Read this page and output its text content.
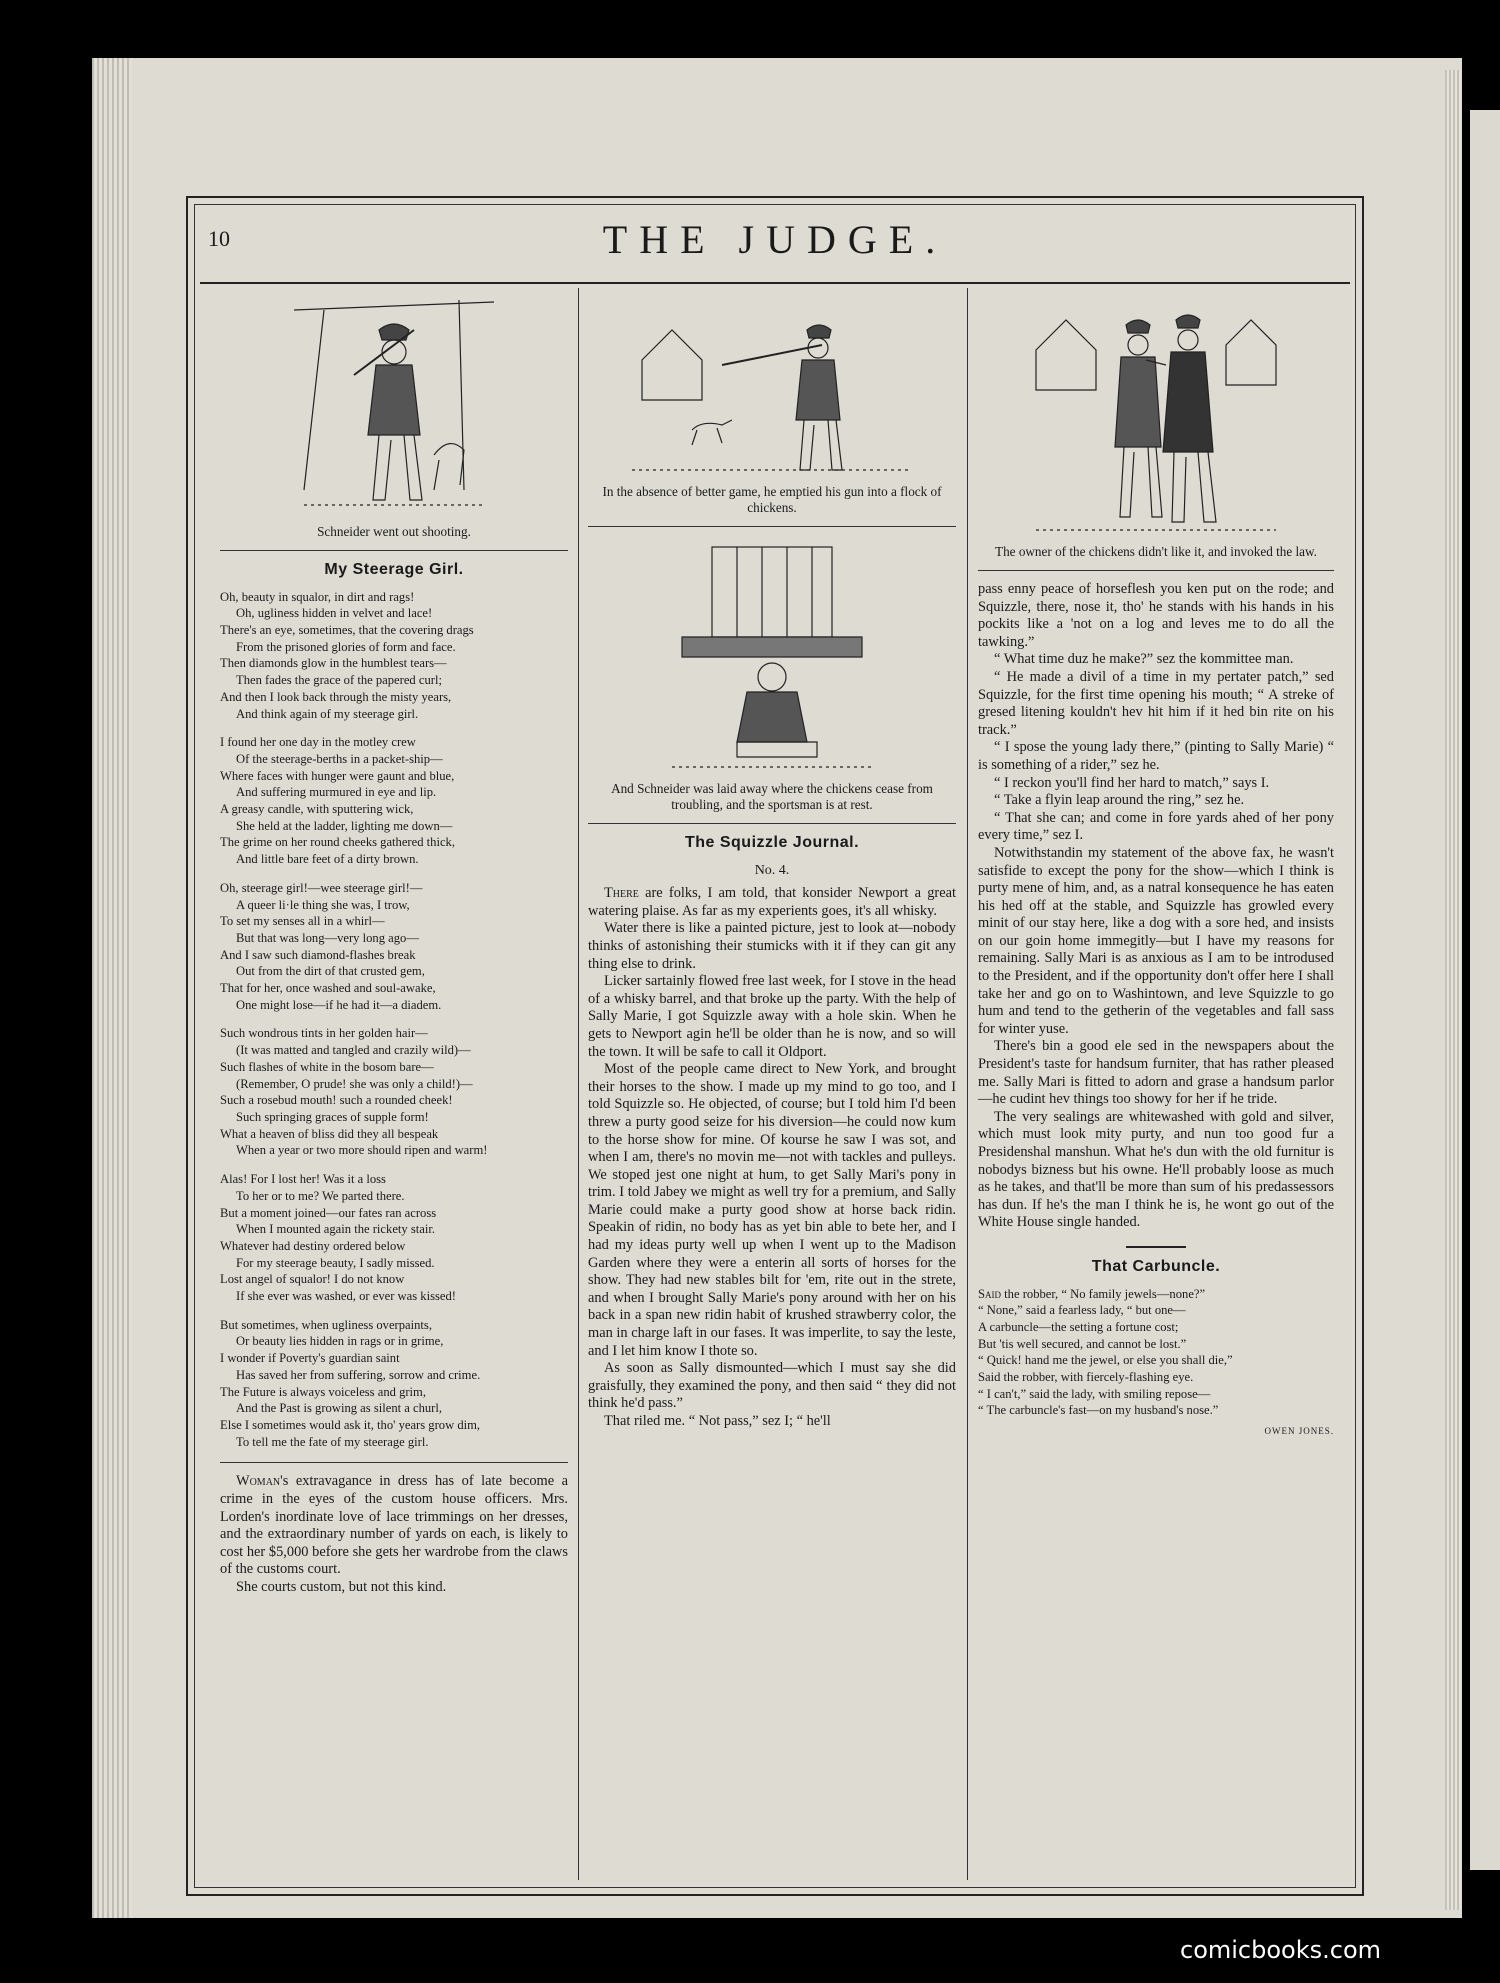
10	THE JUDGE.
Schneider went out shooting.
My Steerage Girl.

Oh, beauty in squalor, in dirt and rags!

Oh, ugliness hidden in velvet and lace!

There's an eye, sometimes, that the covering drags

From the prisoned glories of form and face.

Then diamonds glow in the humblest tears—

Then fades the grace of the papered curl;

And then I look back through the misty years,

And think again of my steerage girl.

I found her one day in the motley crew

Of the steerage-berths in a packet-ship—

Where faces with hunger were gaunt and blue,

And suffering murmured in eye and lip.

A greasy candle, with sputtering wick,

She held at the ladder, lighting me down—

The grime on her round cheeks gathered thick,

And little bare feet of a dirty brown.

Oh, steerage girl!—wee steerage girl!—

A queer li·le thing she was, I trow,

To set my senses all in a whirl—

But that was long—very long ago—

And I saw such diamond-flashes break

Out from the dirt of that crusted gem,

That for her, once washed and soul-awake,

One might lose—if he had it—a diadem.

Such wondrous tints in her golden hair—

(It was matted and tangled and crazily wild)—

Such flashes of white in the bosom bare—

(Remember, O prude! she was only a child!)—

Such a rosebud mouth! such a rounded cheek!

Such springing graces of supple form!

What a heaven of bliss did they all bespeak

When a year or two more should ripen and warm!

Alas! For I lost her! Was it a loss

To her or to me? We parted there.

But a moment joined—our fates ran across

When I mounted again the rickety stair.

Whatever had destiny ordered below

For my steerage beauty, I sadly missed.

Lost angel of squalor! I do not know

If she ever was washed, or ever was kissed!

But sometimes, when ugliness overpaints,

Or beauty lies hidden in rags or in grime,

I wonder if Poverty's guardian saint

Has saved her from suffering, sorrow and crime.

The Future is always voiceless and grim,

And the Past is growing as silent a churl,

Else I sometimes would ask it, tho' years grow dim,

To tell me the fate of my steerage girl.

Woman's extravagance in dress has of late become a crime in the eyes of the custom house officers. Mrs. Lorden's inordinate love of lace trimmings on her dresses, and the extraordinary number of yards on each, is likely to cost her $5,000 before she gets her wardrobe from the claws of the customs court.

She courts custom, but not this kind.

In the absence of better game, he emptied his gun into a flock of chickens.
And Schneider was laid away where the chickens cease from troubling, and the sportsman is at rest.
The Squizzle Journal.
No. 4.

There are folks, I am told, that konsider Newport a great watering plaise. As far as my experients goes, it's all whisky.

Water there is like a painted picture, jest to look at—nobody thinks of astonishing their stumicks with it if they can git any thing else to drink.

Licker sartainly flowed free last week, for I stove in the head of a whisky barrel, and that broke up the party. With the help of Sally Marie, I got Squizzle away with a hole skin. When he gets to Newport agin he'll be older than he is now, and so will the town. It will be safe to call it Oldport.

Most of the people came direct to New York, and brought their horses to the show. I made up my mind to go too, and I told Squizzle so. He objected, of course; but I told him I'd been threw a purty good seize for his diversion—he could now kum to the horse show for mine. Of kourse he saw I was sot, and when I am, there's no movin me—not with tackles and pulleys. We stoped jest one night at hum, to get Sally Mari's pony in trim. I told Jabey we might as well try for a premium, and Sally Marie could make a purty good show at horse back ridin. Speakin of ridin, no body has as yet bin able to bete her, and I had my ideas purty well up when I went up to the Madison Garden where they were a enterin all sorts of horses for the show. They had new stables bilt for 'em, rite out in the strete, and when I brought Sally Marie's pony around with her on his back in a span new ridin habit of krushed strawberry color, the man in charge laft in our fases. It was imperlite, to say the leste, and I let him know I thote so.

As soon as Sally dismounted—which I must say she did graisfully, they examined the pony, and then said “ they did not think he'd pass.”

That riled me. “ Not pass,” sez I; “ he'll

The owner of the chickens didn't like it, and invoked the law.

pass enny peace of horseflesh you ken put on the rode; and Squizzle, there, nose it, tho' he stands with his hands in his pockits like a 'not on a log and leves me to do all the tawking.”

“ What time duz he make?” sez the kommittee man.

“ He made a divil of a time in my pertater patch,” sed Squizzle, for the first time opening his mouth; “ A streke of gresed litening kouldn't hev hit him if it hed bin rite on his track.”

“ I spose the young lady there,” (pinting to Sally Marie) “ is something of a rider,” sez he.

“ I reckon you'll find her hard to match,” says I.

“ Take a flyin leap around the ring,” sez he.

“ That she can; and come in fore yards ahed of her pony every time,” sez I.

Notwithstandin my statement of the above fax, he wasn't satisfide to except the pony for the show—which I think is purty mene of him, and, as a natral konsequence he has eaten his hed off at the stable, and Squizzle has growled every minit of our stay here, like a dog with a sore hed, and insists on our goin home immegitly—but I have my reasons for remaining. Sally Mari is as anxious as I am to be introdused to the President, and if the opportunity don't offer here I shall take her and go on to Washintown, and leve Squizzle to go hum and tend to the getherin of the vegetables and fall sass for winter yuse.

There's bin a good ele sed in the newspapers about the President's taste for handsum furniter, that has rather pleased me. Sally Mari is fitted to adorn and grase a handsum parlor—he cudint hev things too showy for her if he tride.

The very sealings are whitewashed with gold and silver, which must look mity purty, and nun too good fur a Presidenshal manshun. What he's dun with the old furnitur is nobodys bizness but his owne. He'll probably loose as much as he takes, and that'll be more than sum of his predassessors has dun. If he's the man I think he is, he wont go out of the White House single handed.

That Carbuncle.

Said the robber, “ No family jewels—none?”

“ None,” said a fearless lady, “ but one—

A carbuncle—the setting a fortune cost;

But 'tis well secured, and cannot be lost.”

“ Quick! hand me the jewel, or else you shall die,”

Said the robber, with fiercely-flashing eye.

“ I can't,” said the lady, with smiling repose—

“ The carbuncle's fast—on my husband's nose.”

OWEN JONES.
comicbooks.com
